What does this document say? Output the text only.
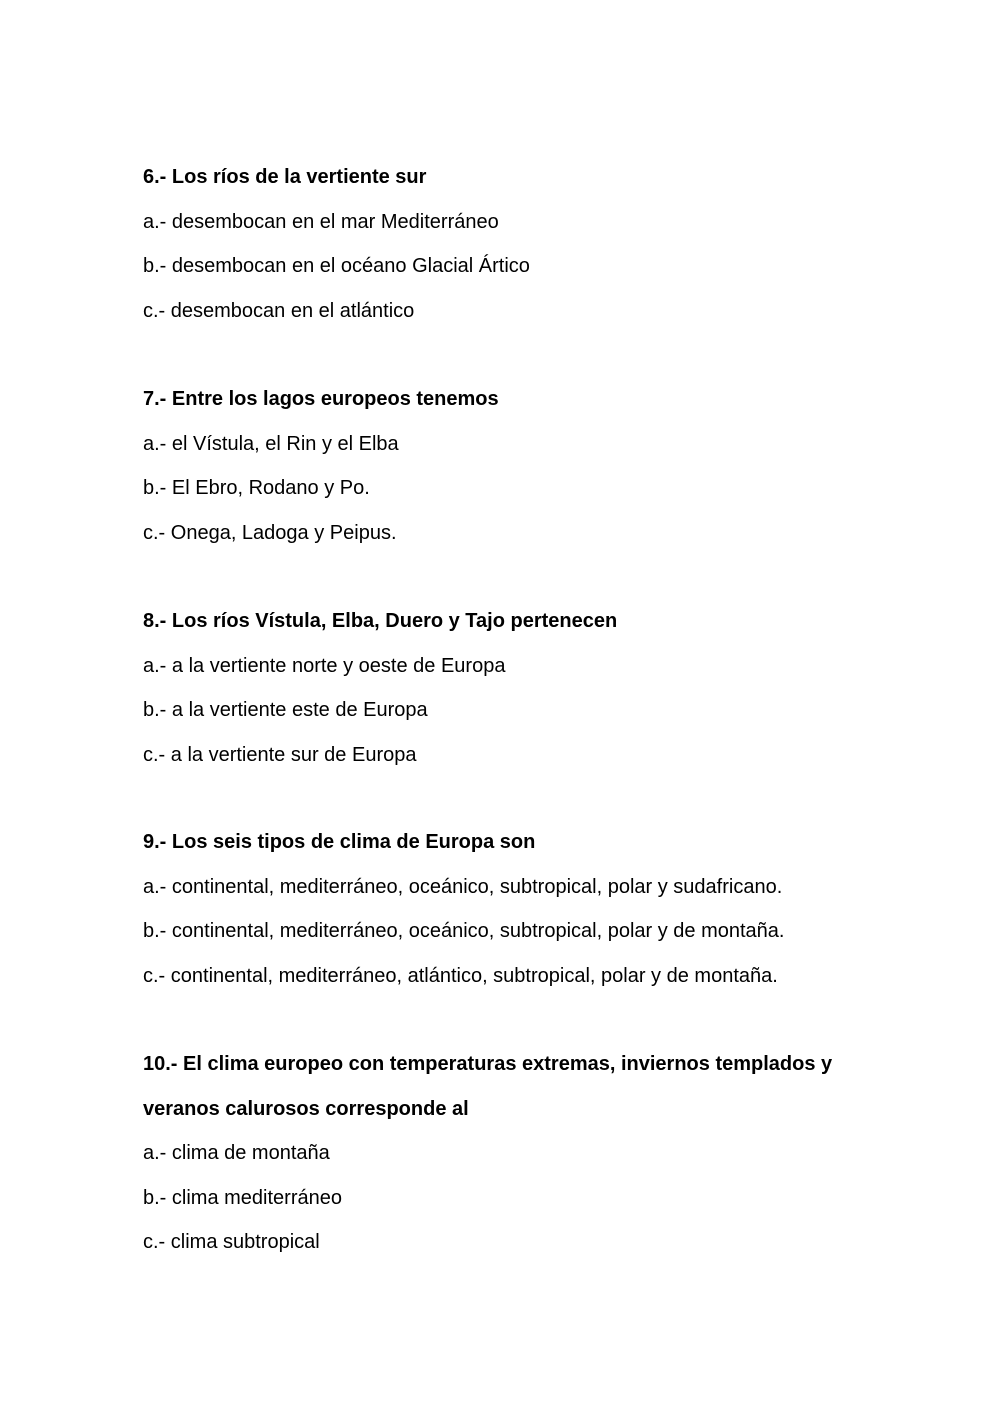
6.- Los ríos de la vertiente sur

a.- desembocan en el mar Mediterráneo

b.- desembocan en el océano Glacial Ártico

c.- desembocan en el atlántico

7.- Entre los lagos europeos tenemos

a.- el Vístula, el Rin y el Elba

b.- El Ebro, Rodano y Po.

c.- Onega, Ladoga y Peipus.

8.- Los ríos Vístula, Elba, Duero y Tajo pertenecen

a.- a la vertiente norte y oeste de Europa

b.- a la vertiente este de Europa

c.- a la vertiente sur de Europa

9.- Los seis tipos de clima de Europa son

a.- continental, mediterráneo, oceánico, subtropical, polar y sudafricano.

b.- continental, mediterráneo, oceánico, subtropical, polar y de montaña.

c.- continental, mediterráneo, atlántico, subtropical, polar y de montaña.

10.- El clima europeo con temperaturas extremas, inviernos templados y veranos calurosos corresponde al

a.- clima de montaña

b.- clima mediterráneo

c.- clima subtropical
